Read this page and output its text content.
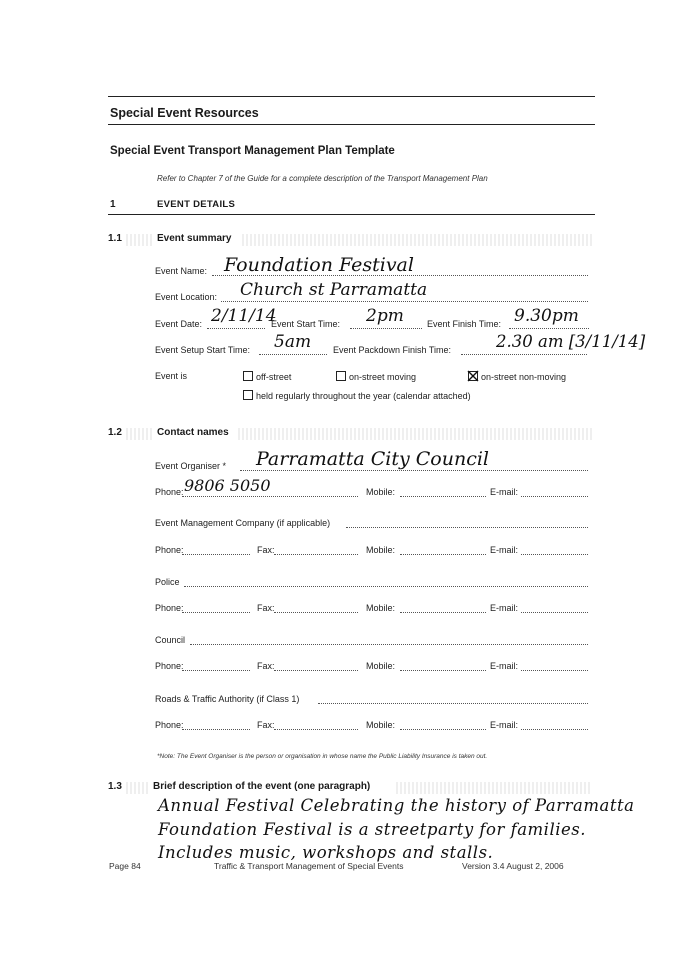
Special Event Resources
Special Event Transport Management Plan Template
Refer to Chapter 7 of the Guide for a complete description of the Transport Management Plan
1	EVENT DETAILS
1.1	Event summary
Event Name: Foundation Festival
Event Location: Church st Parramatta
Event Date: 2/11/14
Event Start Time: 2pm	Event Finish Time: 9.30pm
Event Setup Start Time: 5am Event Packdown Finish Time:	2.30 am [3/11/14]
Event is	off-street	on-street moving	on-street non-moving
held regularly throughout the year (calendar attached)
1.2	Contact names
Event Organiser * Parramatta City Council
Phone: 9806 5050	Mobile:	E-mail:
Event Management Company (if applicable)
Phone:	Fax:	Mobile:	E-mail:
Police
Phone:	Fax:	Mobile:	E-mail:
Council
Phone:	Fax:	Mobile:	E-mail:
Roads & Traffic Authority (if Class 1)
Phone:	Fax:	Mobile:	E-mail:
*Note: The Event Organiser is the person or organisation in whose name the Public Liability Insurance is taken out.
1.3	Brief description of the event (one paragraph)
Annual Festival Celebrating the history of Parramatta
Foundation Festival is a streetparty for families.
Includes music, workshops and stalls.
Page 84	Traffic & Transport Management of Special Events	Version 3.4 August 2, 2006
